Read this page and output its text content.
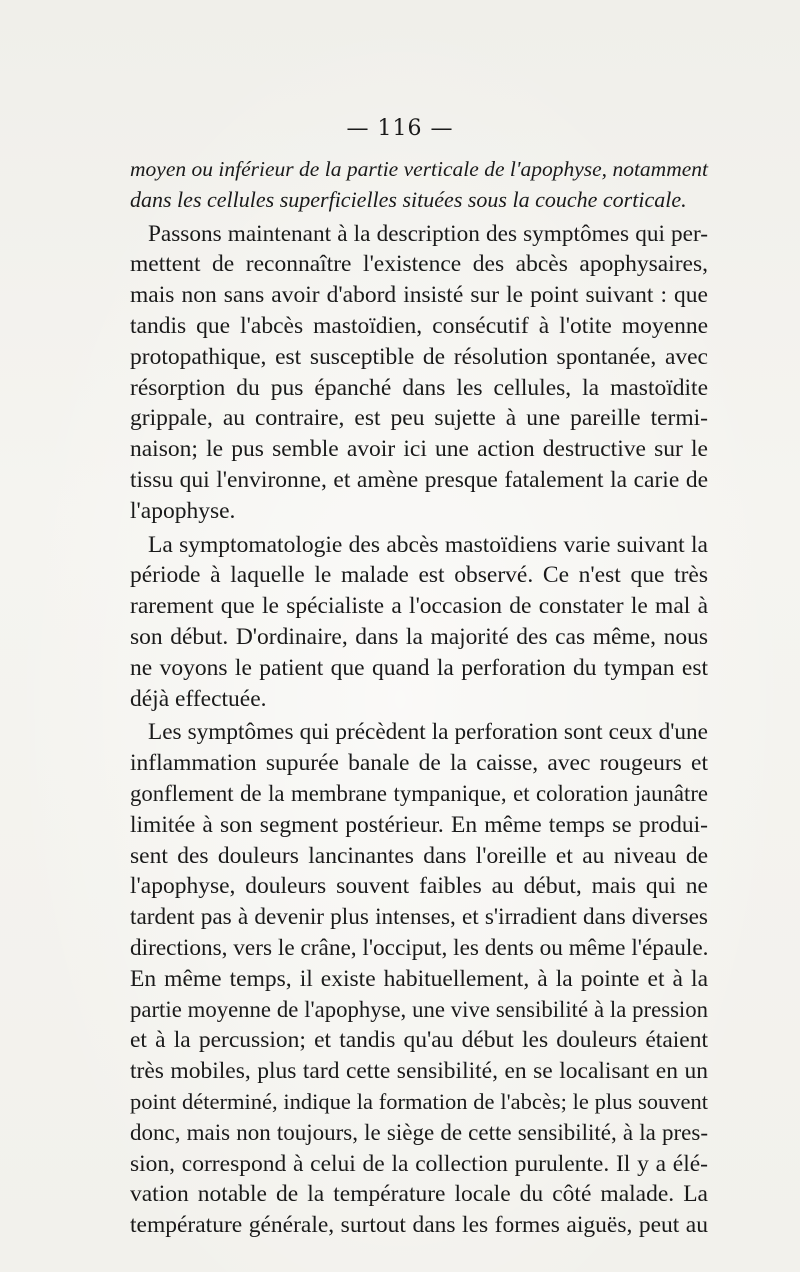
— 116 —
moyen ou inférieur de la partie verticale de l'apophyse, notamment
dans les cellules superficielles situées sous la couche corticale.
Passons maintenant à la description des symptômes qui per-
mettent de reconnaître l'existence des abcès apophysaires,
mais non sans avoir d'abord insisté sur le point suivant : que
tandis que l'abcès mastoïdien, consécutif à l'otite moyenne
protopathique, est susceptible de résolution spontanée, avec
résorption du pus épanché dans les cellules, la mastoïdite
grippale, au contraire, est peu sujette à une pareille termi-
naison; le pus semble avoir ici une action destructive sur le
tissu qui l'environne, et amène presque fatalement la carie de
l'apophyse.
La symptomatologie des abcès mastoïdiens varie suivant la
période à laquelle le malade est observé. Ce n'est que très
rarement que le spécialiste a l'occasion de constater le mal à
son début. D'ordinaire, dans la majorité des cas même, nous
ne voyons le patient que quand la perforation du tympan est
déjà effectuée.
Les symptômes qui précèdent la perforation sont ceux d'une
inflammation supurée banale de la caisse, avec rougeurs et
gonflement de la membrane tympanique, et coloration jaunâtre
limitée à son segment postérieur. En même temps se produi-
sent des douleurs lancinantes dans l'oreille et au niveau de
l'apophyse, douleurs souvent faibles au début, mais qui ne
tardent pas à devenir plus intenses, et s'irradient dans diverses
directions, vers le crâne, l'occiput, les dents ou même l'épaule.
En même temps, il existe habituellement, à la pointe et à la
partie moyenne de l'apophyse, une vive sensibilité à la pression
et à la percussion; et tandis qu'au début les douleurs étaient
très mobiles, plus tard cette sensibilité, en se localisant en un
point déterminé, indique la formation de l'abcès; le plus souvent
donc, mais non toujours, le siège de cette sensibilité, à la pres-
sion, correspond à celui de la collection purulente. Il y a élé-
vation notable de la température locale du côté malade. La
température générale, surtout dans les formes aiguës, peut au
